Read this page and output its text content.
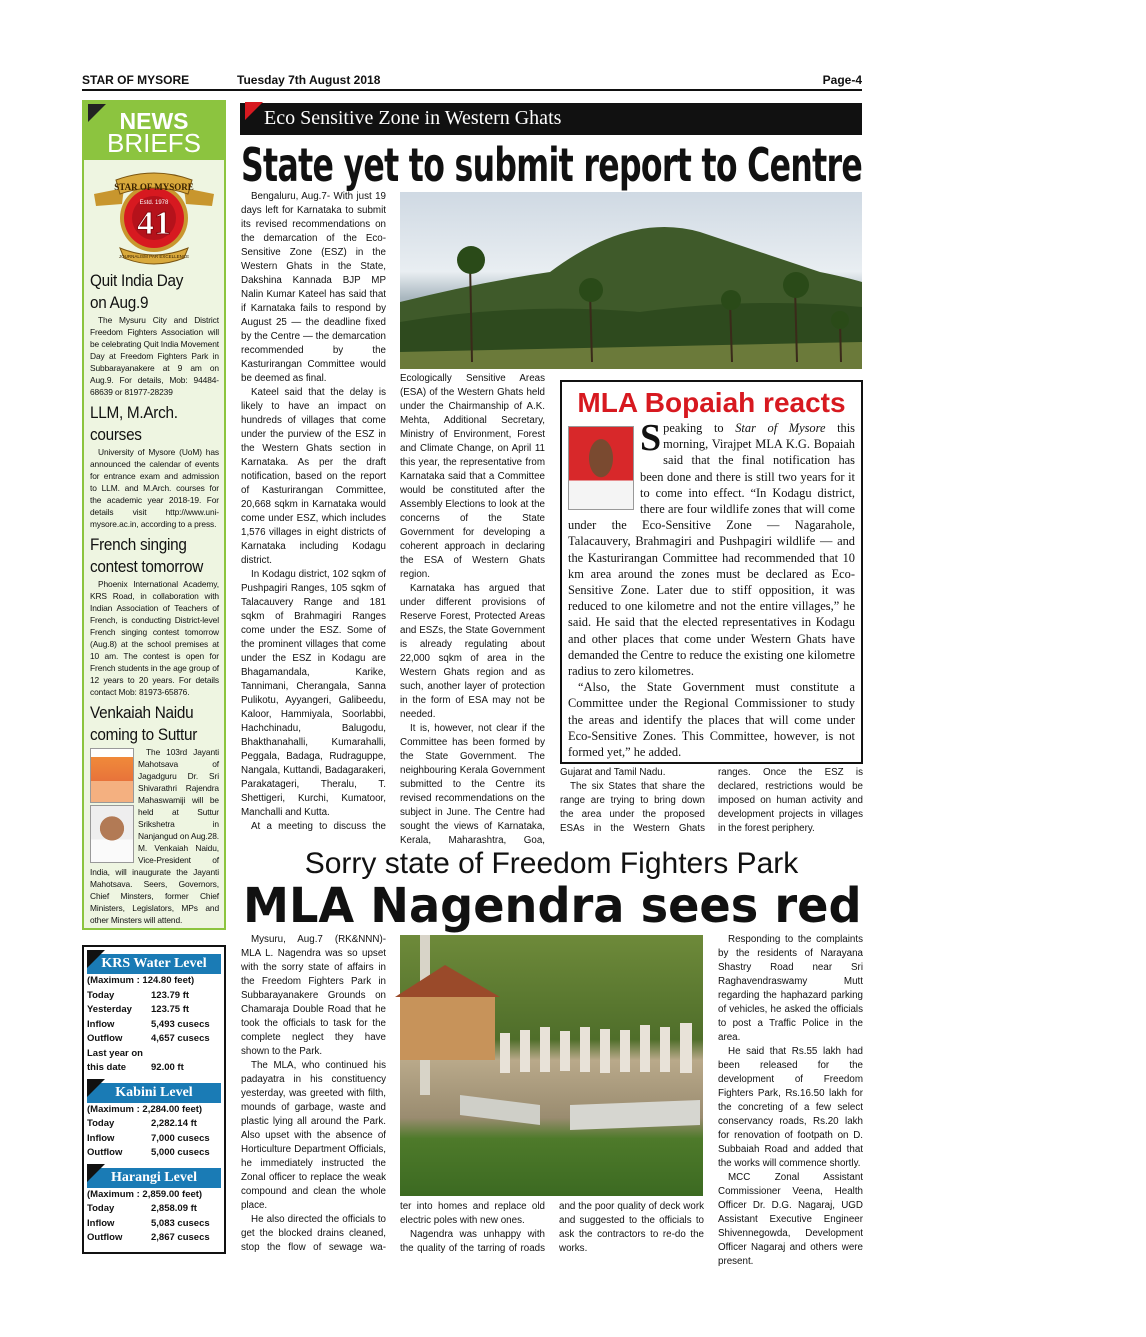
STAR OF MYSORE	Tuesday 7th August 2018	Page-4
NEWS
BRIEFS
STAR OF MYSORE
Estd. 1978
41
JOURNALISM PAR EXCELLENCE
Quit India Day
on Aug.9

The Mysuru City and District Freedom Fighters Association will be celebrating Quit India Movement Day at Freedom Fighters Park in Subbarayanakere at 9 am on Aug.9. For details, Mob: 94484-68639 or 81977-28239

LLM, M.Arch.
courses

University of Mysore (UoM) has announced the calendar of events for entrance exam and admission to LLM. and M.Arch. courses for the academic year 2018-19. For details visit http://www.uni-mysore.ac.in, according to a press.

French singing
contest tomorrow

Phoenix International Academy, KRS Road, in collaboration with Indian Association of Teachers of French, is conducting District-level French singing contest tomorrow (Aug.8) at the school premises at 10 am. The contest is open for French students in the age group of 12 years to 20 years. For details contact Mob: 81973-65876.

Venkaiah Naidu
coming to Suttur

The 103rd Jayanti Mahotsava of Jagadguru Dr. Sri Shivarathri Rajendra Mahaswamiji will be held at Suttur Srikshetra in Nanjangud on Aug.28. M. Venkaiah Naidu, Vice-President of India, will inaugurate the Jayanti Mahotsava. Seers, Governors, Chief Minsters, former Chief Ministers, Legislators, MPs and other Minsters will attend.

KRS Water Level
(Maximum : 124.80 feet)
Today	123.79 ft
Yesterday	123.75 ft
Inflow	5,493 cusecs
Outflow	4,657 cusecs
Last year on
this date	92.00 ft
Kabini Level
(Maximum : 2,284.00 feet)
Today	2,282.14 ft
Inflow	7,000 cusecs
Outflow	5,000 cusecs
Harangi Level
(Maximum : 2,859.00 feet)
Today	2,858.09 ft
Inflow	5,083 cusecs
Outflow	2,867 cusecs
Eco Sensitive Zone in Western Ghats
State yet to submit report to Centre

Bengaluru, Aug.7- With just 19 days left for Karnataka to submit its revised recommendations on the demarcation of the Eco-Sensitive Zone (ESZ) in the Western Ghats in the State, Dakshina Kannada BJP MP Nalin Kumar Kateel has said that if Karnataka fails to respond by August 25 — the deadline fixed by the Centre — the demarcation recommended by the Kasturirangan Committee would be deemed as final.

Kateel said that the delay is likely to have an impact on hundreds of villages that come under the purview of the ESZ in the Western Ghats section in Karnataka. As per the draft notification, based on the report of Kasturirangan Committee, 20,668 sqkm in Karnataka would come under ESZ, which includes 1,576 villages in eight districts of Karnataka including Kodagu district.

In Kodagu district, 102 sqkm of Pushpagiri Ranges, 105 sqkm of Talacauvery Range and 181 sqkm of Brahmagiri Ranges come under the ESZ. Some of the prominent villages that come under the ESZ in Kodagu are Bhagamandala, Karike, Tannimani, Cherangala, Sanna Pulikotu, Ayyangeri, Galibeedu, Kaloor, Hammiyala, Soorlabbi, Hachchinadu, Balugodu, Bhakthanahalli, Kumarahalli, Peggala, Badaga, Rudraguppe, Nangala, Kuttandi, Badagarakeri, Parakatageri, Theralu, T. Shettigeri, Kurchi, Kumatoor, Manchalli and Kutta.

At a meeting to discuss the

Ecologically Sensitive Areas (ESA) of the Western Ghats held under the Chairmanship of A.K. Mehta, Additional Secretary, Ministry of Environment, Forest and Climate Change, on April 11 this year, the representative from Karnataka said that a Committee would be constituted after the Assembly Elections to look at the concerns of the State Government for developing a coherent approach in declaring the ESA of Western Ghats region.

Karnataka has argued that under different provisions of Reserve Forest, Protected Areas and ESZs, the State Government is already regulating about 22,000 sqkm of area in the Western Ghats region and as such, another layer of protection in the form of ESA may not be needed.

It is, however, not clear if the Committee has been formed by the State Government. The neighbouring Kerala Government submitted to the Centre its revised recommendations on the subject in June. The Centre had sought the views of Karnataka, Kerala, Maharashtra, Goa,

MLA Bopaiah reacts

Speaking to Star of Mysore this morning, Virajpet MLA K.G. Bopaiah said that the final notification has been done and there is still two years for it to come into effect. “In Kodagu district, there are four wildlife zones that will come under the Eco-Sensitive Zone — Nagarahole, Talacauvery, Brahmagiri and Pushpagiri wildlife — and the Kasturirangan Committee had recommended that 10 km area around the zones must be declared as Eco-Sensitive Zone. Later due to stiff opposition, it was reduced to one kilometre and not the entire villages,” he said. He said that the elected representatives in Kodagu and other places that come under Western Ghats have demanded the Centre to reduce the existing one kilometre radius to zero kilometres.

“Also, the State Government must constitute a Committee under the Regional Commissioner to study the areas and identify the places that will come under Eco-Sensitive Zones. This Committee, however, is not formed yet,” he added.

Gujarat and Tamil Nadu.

The six States that share the range are trying to bring down the area under the proposed ESAs in the Western Ghats

ranges. Once the ESZ is declared, restrictions would be imposed on human activity and development projects in villages in the forest periphery.

Sorry state of Freedom Fighters Park
MLA Nagendra sees red

Mysuru, Aug.7 (RK&NNN)- MLA L. Nagendra was so upset with the sorry state of affairs in the Freedom Fighters Park in Subbarayanakere Grounds on Chamaraja Double Road that he took the officials to task for the complete neglect they have shown to the Park.

The MLA, who continued his padayatra in his constituency yesterday, was greeted with filth, mounds of garbage, waste and plastic lying all around the Park. Also upset with the absence of Horticulture Department Officials, he immediately instructed the Zonal officer to replace the weak compound and clean the whole place.

He also directed the officials to get the blocked drains cleaned, stop the flow of sewage wa-

ter into homes and replace old electric poles with new ones.

Nagendra was unhappy with the quality of the tarring of roads

and the poor quality of deck work and suggested to the officials to ask the contractors to re-do the works.

Responding to the complaints by the residents of Narayana Shastry Road near Sri Raghavendraswamy Mutt regarding the haphazard parking of vehicles, he asked the officials to post a Traffic Police in the area.

He said that Rs.55 lakh had been released for the development of Freedom Fighters Park, Rs.16.50 lakh for the concreting of a few select conservancy roads, Rs.20 lakh for renovation of footpath on D. Subbaiah Road and added that the works will commence shortly.

MCC Zonal Assistant Commissioner Veena, Health Officer Dr. D.G. Nagaraj, UGD Assistant Executive Engineer Shivennegowda, Development Officer Nagaraj and others were present.
